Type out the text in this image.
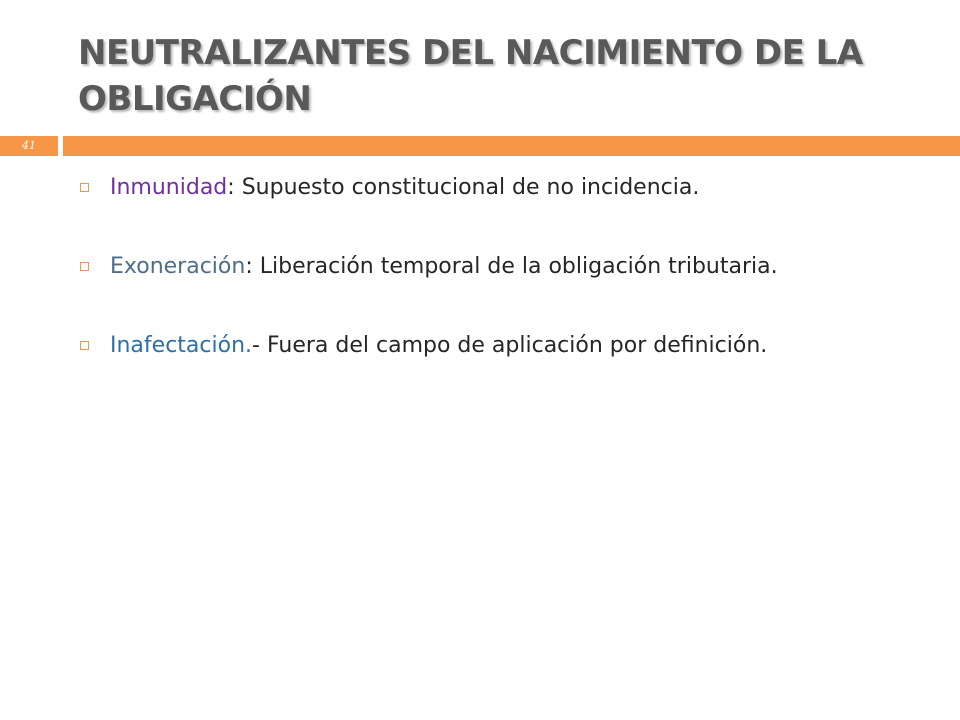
NEUTRALIZANTES DEL NACIMIENTO DE LA OBLIGACIÓN
41
Inmunidad: Supuesto constitucional de no incidencia.
Exoneración: Liberación temporal de la obligación tributaria.
Inafectación.- Fuera del campo de aplicación por definición.
